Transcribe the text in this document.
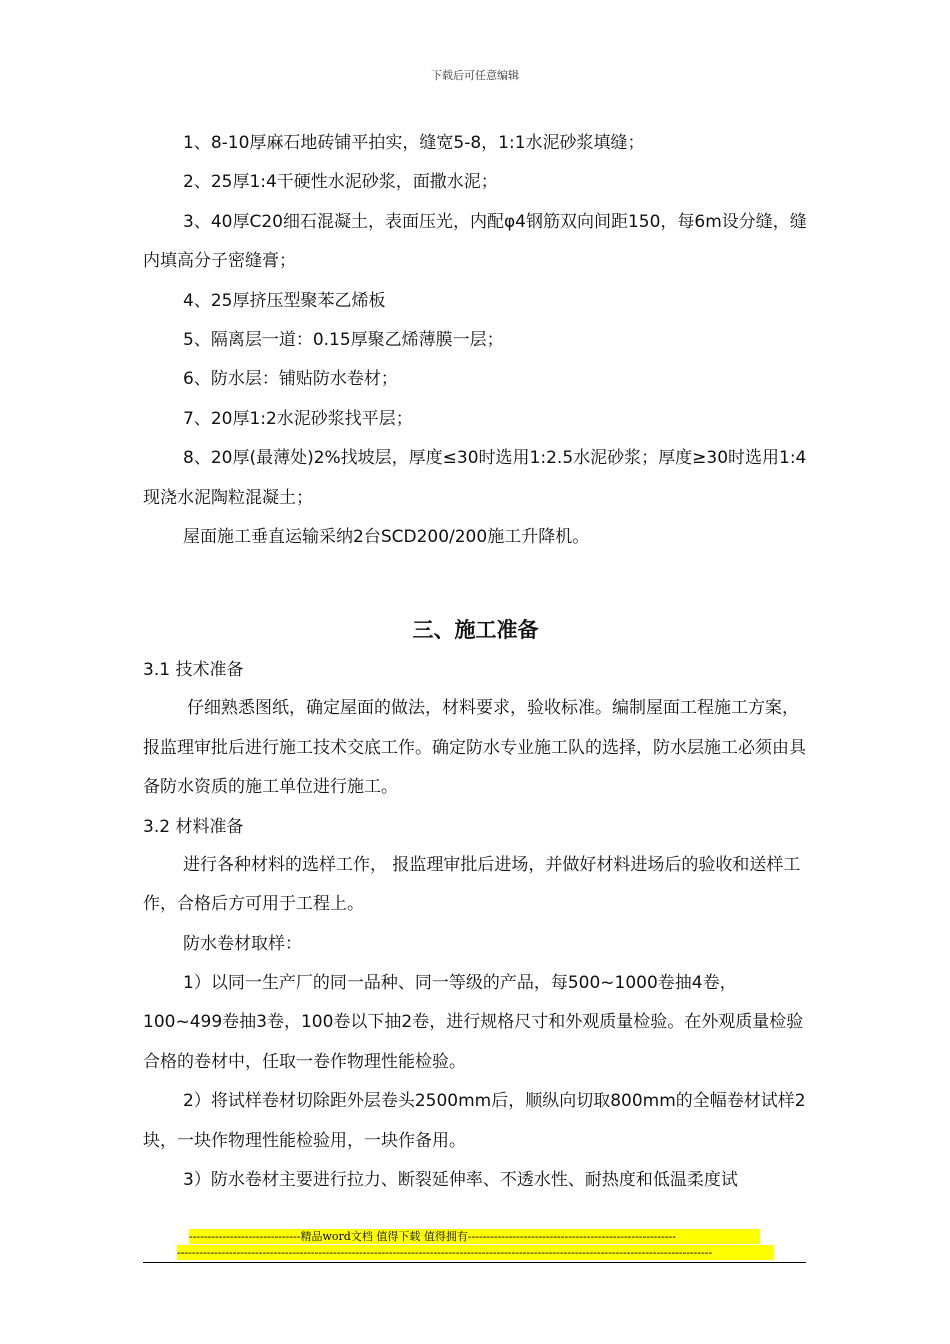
下载后可任意编辑

1、8-10厚麻石地砖铺平拍实，缝宽5-8，1:1水泥砂浆填缝；

2、25厚1:4干硬性水泥砂浆，面撒水泥；

3、40厚C20细石混凝土，表面压光，内配φ4钢筋双向间距150，每6m设分缝，缝内填高分子密缝膏；

4、25厚挤压型聚苯乙烯板

5、隔离层一道：0.15厚聚乙烯薄膜一层；

6、防水层：铺贴防水卷材；

7、20厚1:2水泥砂浆找平层；

8、20厚(最薄处)2%找坡层，厚度≤30时选用1:2.5水泥砂浆；厚度≥30时选用1:4现浇水泥陶粒混凝土；

屋面施工垂直运输采纳2台SCD200/200施工升降机。

三、施工准备

3.1 技术准备

仔细熟悉图纸，确定屋面的做法，材料要求，验收标准。编制屋面工程施工方案，报监理审批后进行施工技术交底工作。确定防水专业施工队的选择，防水层施工必须由具备防水资质的施工单位进行施工。

3.2 材料准备

进行各种材料的选样工作， 报监理审批后进场，并做好材料进场后的验收和送样工作，合格后方可用于工程上。

防水卷材取样：

1）以同一生产厂的同一品种、同一等级的产品，每500~1000卷抽4卷，100~499卷抽3卷，100卷以下抽2卷，进行规格尺寸和外观质量检验。在外观质量检验合格的卷材中，任取一卷作物理性能检验。

2）将试样卷材切除距外层卷头2500mm后，顺纵向切取800mm的全幅卷材试样2块，一块作物理性能检验用，一块作备用。

3）防水卷材主要进行拉力、断裂延伸率、不透水性、耐热度和低温柔度试

------------------------------精品word文档 值得下载 值得拥有--------------------------------------------------------
------------------------------------------------------------------------------------------------------------------------------------------------
